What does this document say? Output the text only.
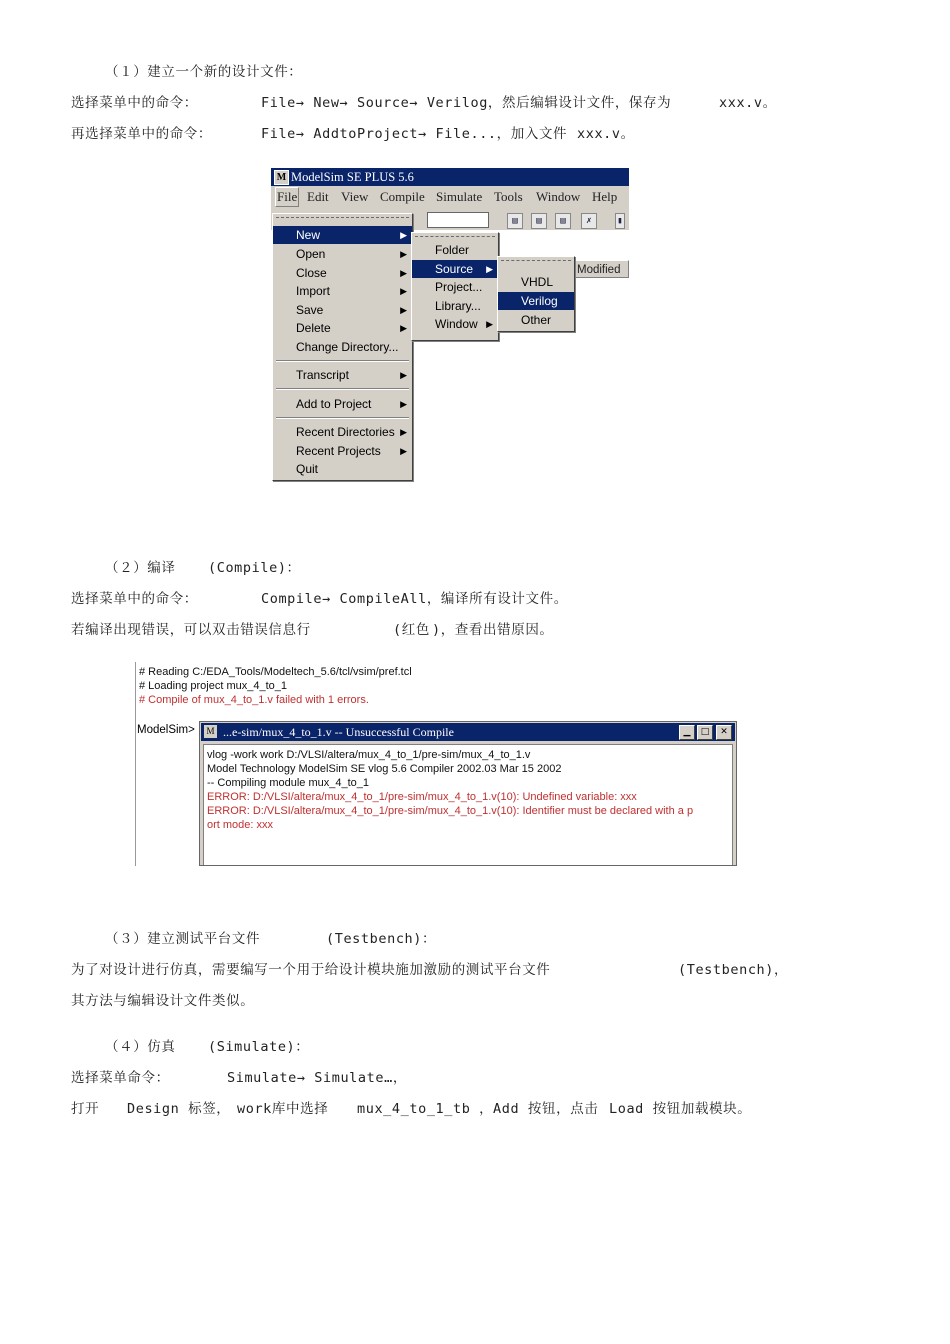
（１）建立一个新的设计文件：
选择菜单中的命令：	File→ New→ Source→ Verilog，然后编辑设计文件，保存为	xxx.v。
再选择菜单中的命令：	File→ AddtoProject→ File...，加入文件 xxx.v。
M ModelSim SE PLUS 5.6
File Edit View Compile Simulate Tools Window Help
▤	▤	▤	✗	▮
Modified
New	▶
Open	▶
Close	▶
Import	▶
Save	▶
Delete	▶
Change Directory...
Transcript	▶
Add to Project	▶
Recent Directories ▶
Recent Projects ▶
Quit
Folder
Source ▶
Project...
Library...
Window ▶
VHDL
Verilog
Other
（２）编译 (Compile)：
选择菜单中的命令：	Compile→ CompileAll，编译所有设计文件。
若编译出现错误，可以双击错误信息行	(红色 )，查看出错原因。
# Reading C:/EDA_Tools/Modeltech_5.6/tcl/vsim/pref.tcl
# Loading project mux_4_to_1
# Compile of mux_4_to_1.v failed with 1 errors.
ModelSim> M ...e-sim/mux_4_to_1.v -- Unsuccessful Compile	▁	□	✕
vlog -work work D:/VLSI/altera/mux_4_to_1/pre-sim/mux_4_to_1.v
Model Technology ModelSim SE vlog 5.6 Compiler 2002.03 Mar 15 2002
-- Compiling module mux_4_to_1
ERROR: D:/VLSI/altera/mux_4_to_1/pre-sim/mux_4_to_1.v(10): Undefined variable: xxx
ERROR: D:/VLSI/altera/mux_4_to_1/pre-sim/mux_4_to_1.v(10): Identifier must be declared with a p
ort mode: xxx
（３）建立测试平台文件	(Testbench)：
为了对设计进行仿真，需要编写一个用于给设计模块施加激励的测试平台文件	(Testbench)，
其方法与编辑设计文件类似。
（４）仿真 (Simulate)：
选择菜单命令：	Simulate→ Simulate…，
打开 Design 标签， work库中选择 mux_4_to_1_tb ， Add 按钮，点击 Load 按钮加载模块。
